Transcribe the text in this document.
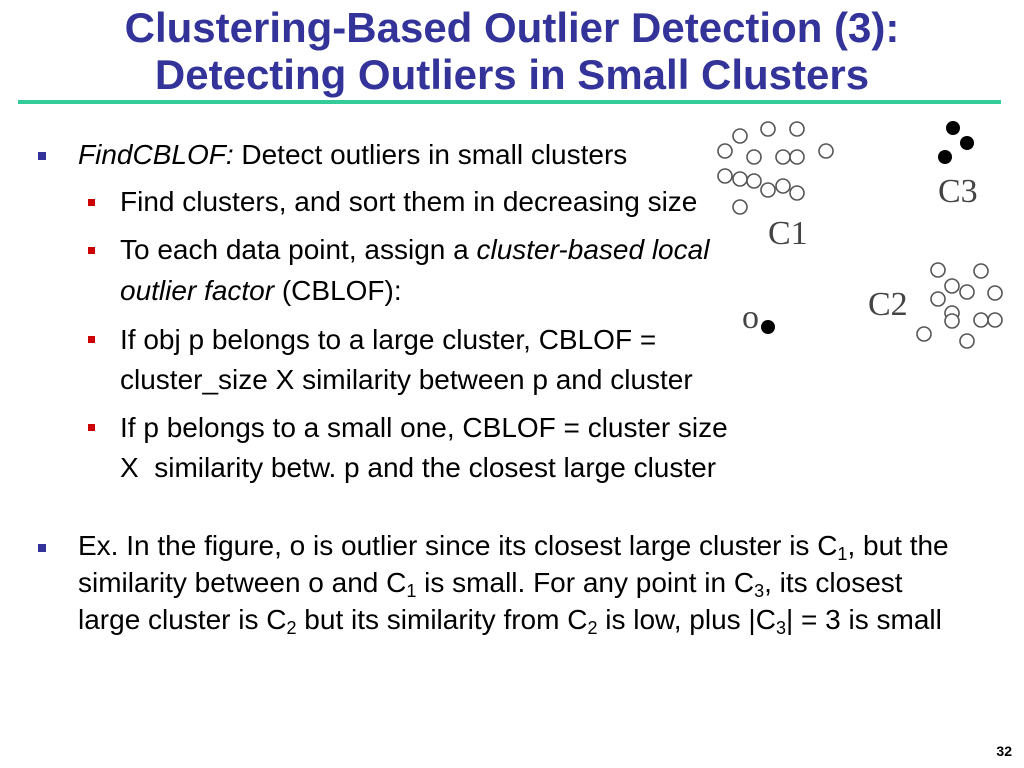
Clustering-Based Outlier Detection (3):
Detecting Outliers in Small Clusters
FindCBLOF: Detect outliers in small clusters
Find clusters, and sort them in decreasing size
To each data point, assign a cluster-based local
outlier factor (CBLOF):
If obj p belongs to a large cluster, CBLOF =
cluster_size X similarity between p and cluster
If p belongs to a small one, CBLOF = cluster size
X  similarity betw. p and the closest large cluster
Ex. In the figure, o is outlier since its closest large cluster is $C_1$, but the
similarity between o and $C_1$ is small. For any point in $C_3$, its closest
large cluster is $C_2$ but its similarity from $C_2$ is low, plus $|C_3| = 3$ is small
C1
C3
o	C2
32
